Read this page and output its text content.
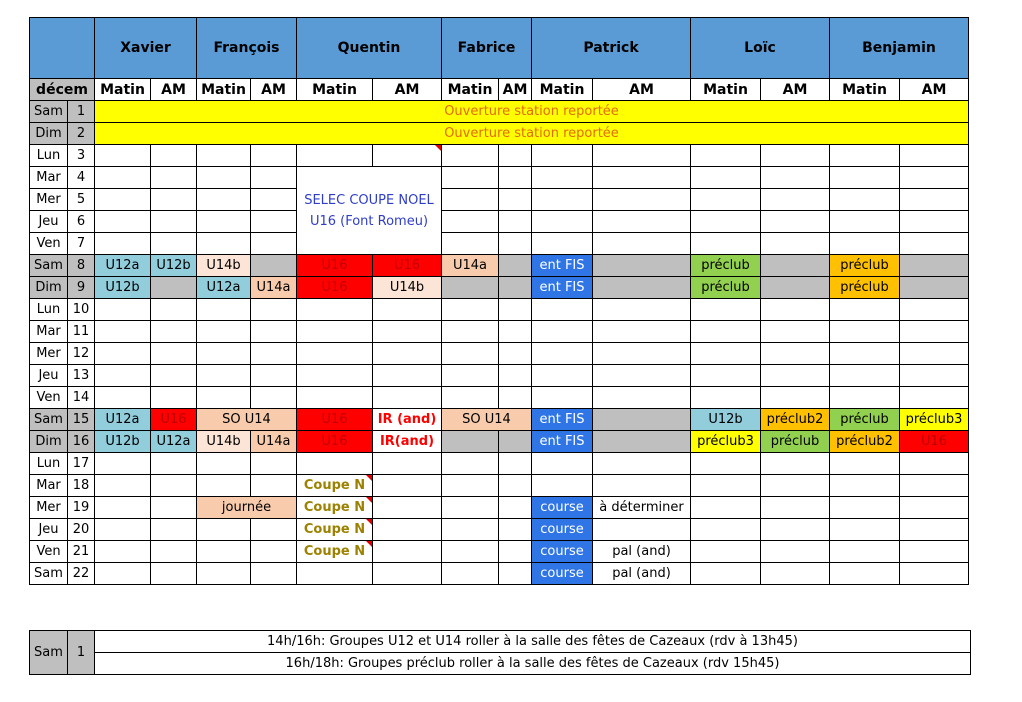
		Xavier		François		Quentin		Fabrice		Patrick		Loïc		Benjamin	
décem		Matin	AM	Matin	AM	Matin	AM	Matin	AM	Matin	AM	Matin	AM	Matin	AM
Sam	1	Ouverture station reportée													
Dim	2	Ouverture station reportée													
Lun	3														
Mar	4					SELEC COUPE NOEL
U16 (Font Romeu)									

Mer	5														
Jeu	6														
Ven	7														
Sam	8	U12a	U12b	U14b		U16	U16	U14a		ent FIS		préclub		préclub	
Dim	9	U12b		U12a	U14a	U16	U14b			ent FIS		préclub		préclub	
Lun	10														
Mar	11														
Mer	12														
Jeu	13														
Ven	14														
Sam	15	U12a	U16	SO U14		U16	IR (and)	SO U14		ent FIS		U12b	préclub2	préclub	préclub3
Dim	16	U12b	U12a	U14b	U14a	U16	IR(and)			ent FIS		préclub3	préclub	préclub2	U16
Lun	17														
Mar	18					Coupe N									
Mer	19			journée		Coupe N				course	à déterminer				
Jeu	20					Coupe N				course					
Ven	21					Coupe N				course	pal (and)				
Sam	22									course	pal (and)				
Sam	1	14h/16h: Groupes U12 et U14 roller à la salle des fêtes de Cazeaux (rdv à 13h45)
16h/18h: Groupes préclub roller à la salle des fêtes de Cazeaux (rdv 15h45)
